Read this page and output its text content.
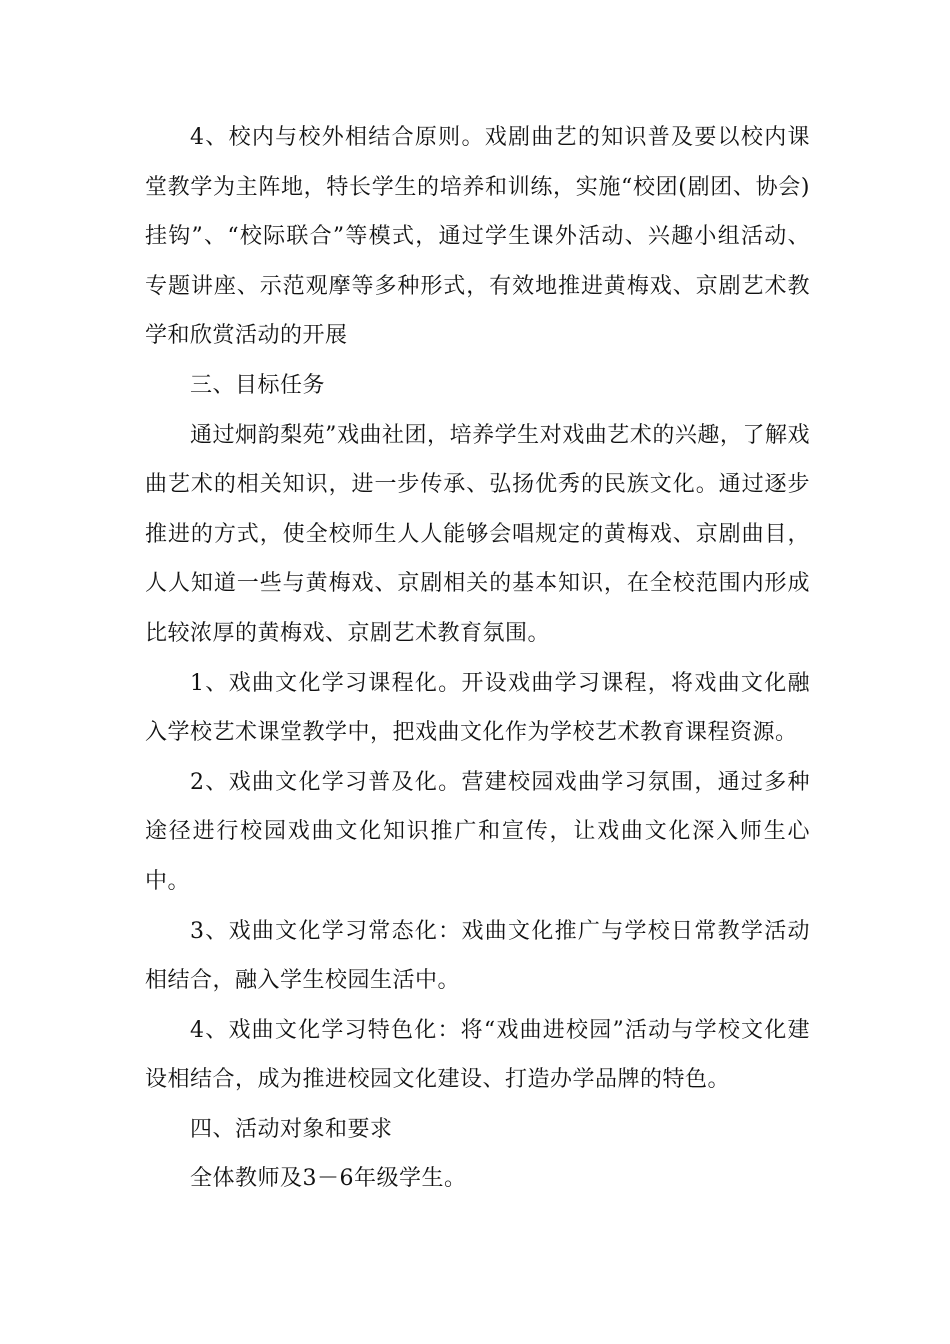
4、校内与校外相结合原则。戏剧曲艺的知识普及要以校内课堂教学为主阵地，特长学生的培养和训练，实施“校团(剧团、协会)挂钩”、“校际联合”等模式，通过学生课外活动、兴趣小组活动、专题讲座、示范观摩等多种形式，有效地推进黄梅戏、京剧艺术教学和欣赏活动的开展

三、目标任务

通过炯韵梨苑”戏曲社团，培养学生对戏曲艺术的兴趣，了解戏曲艺术的相关知识，进一步传承、弘扬优秀的民族文化。通过逐步推进的方式，使全校师生人人能够会唱规定的黄梅戏、京剧曲目，人人知道一些与黄梅戏、京剧相关的基本知识，在全校范围内形成比较浓厚的黄梅戏、京剧艺术教育氛围。

1、戏曲文化学习课程化。开设戏曲学习课程，将戏曲文化融入学校艺术课堂教学中，把戏曲文化作为学校艺术教育课程资源。

2、戏曲文化学习普及化。营建校园戏曲学习氛围，通过多种途径进行校园戏曲文化知识推广和宣传，让戏曲文化深入师生心中。

3、戏曲文化学习常态化：戏曲文化推广与学校日常教学活动相结合，融入学生校园生活中。

4、戏曲文化学习特色化：将“戏曲进校园”活动与学校文化建设相结合，成为推进校园文化建设、打造办学品牌的特色。

四、活动对象和要求

全体教师及3－6年级学生。
